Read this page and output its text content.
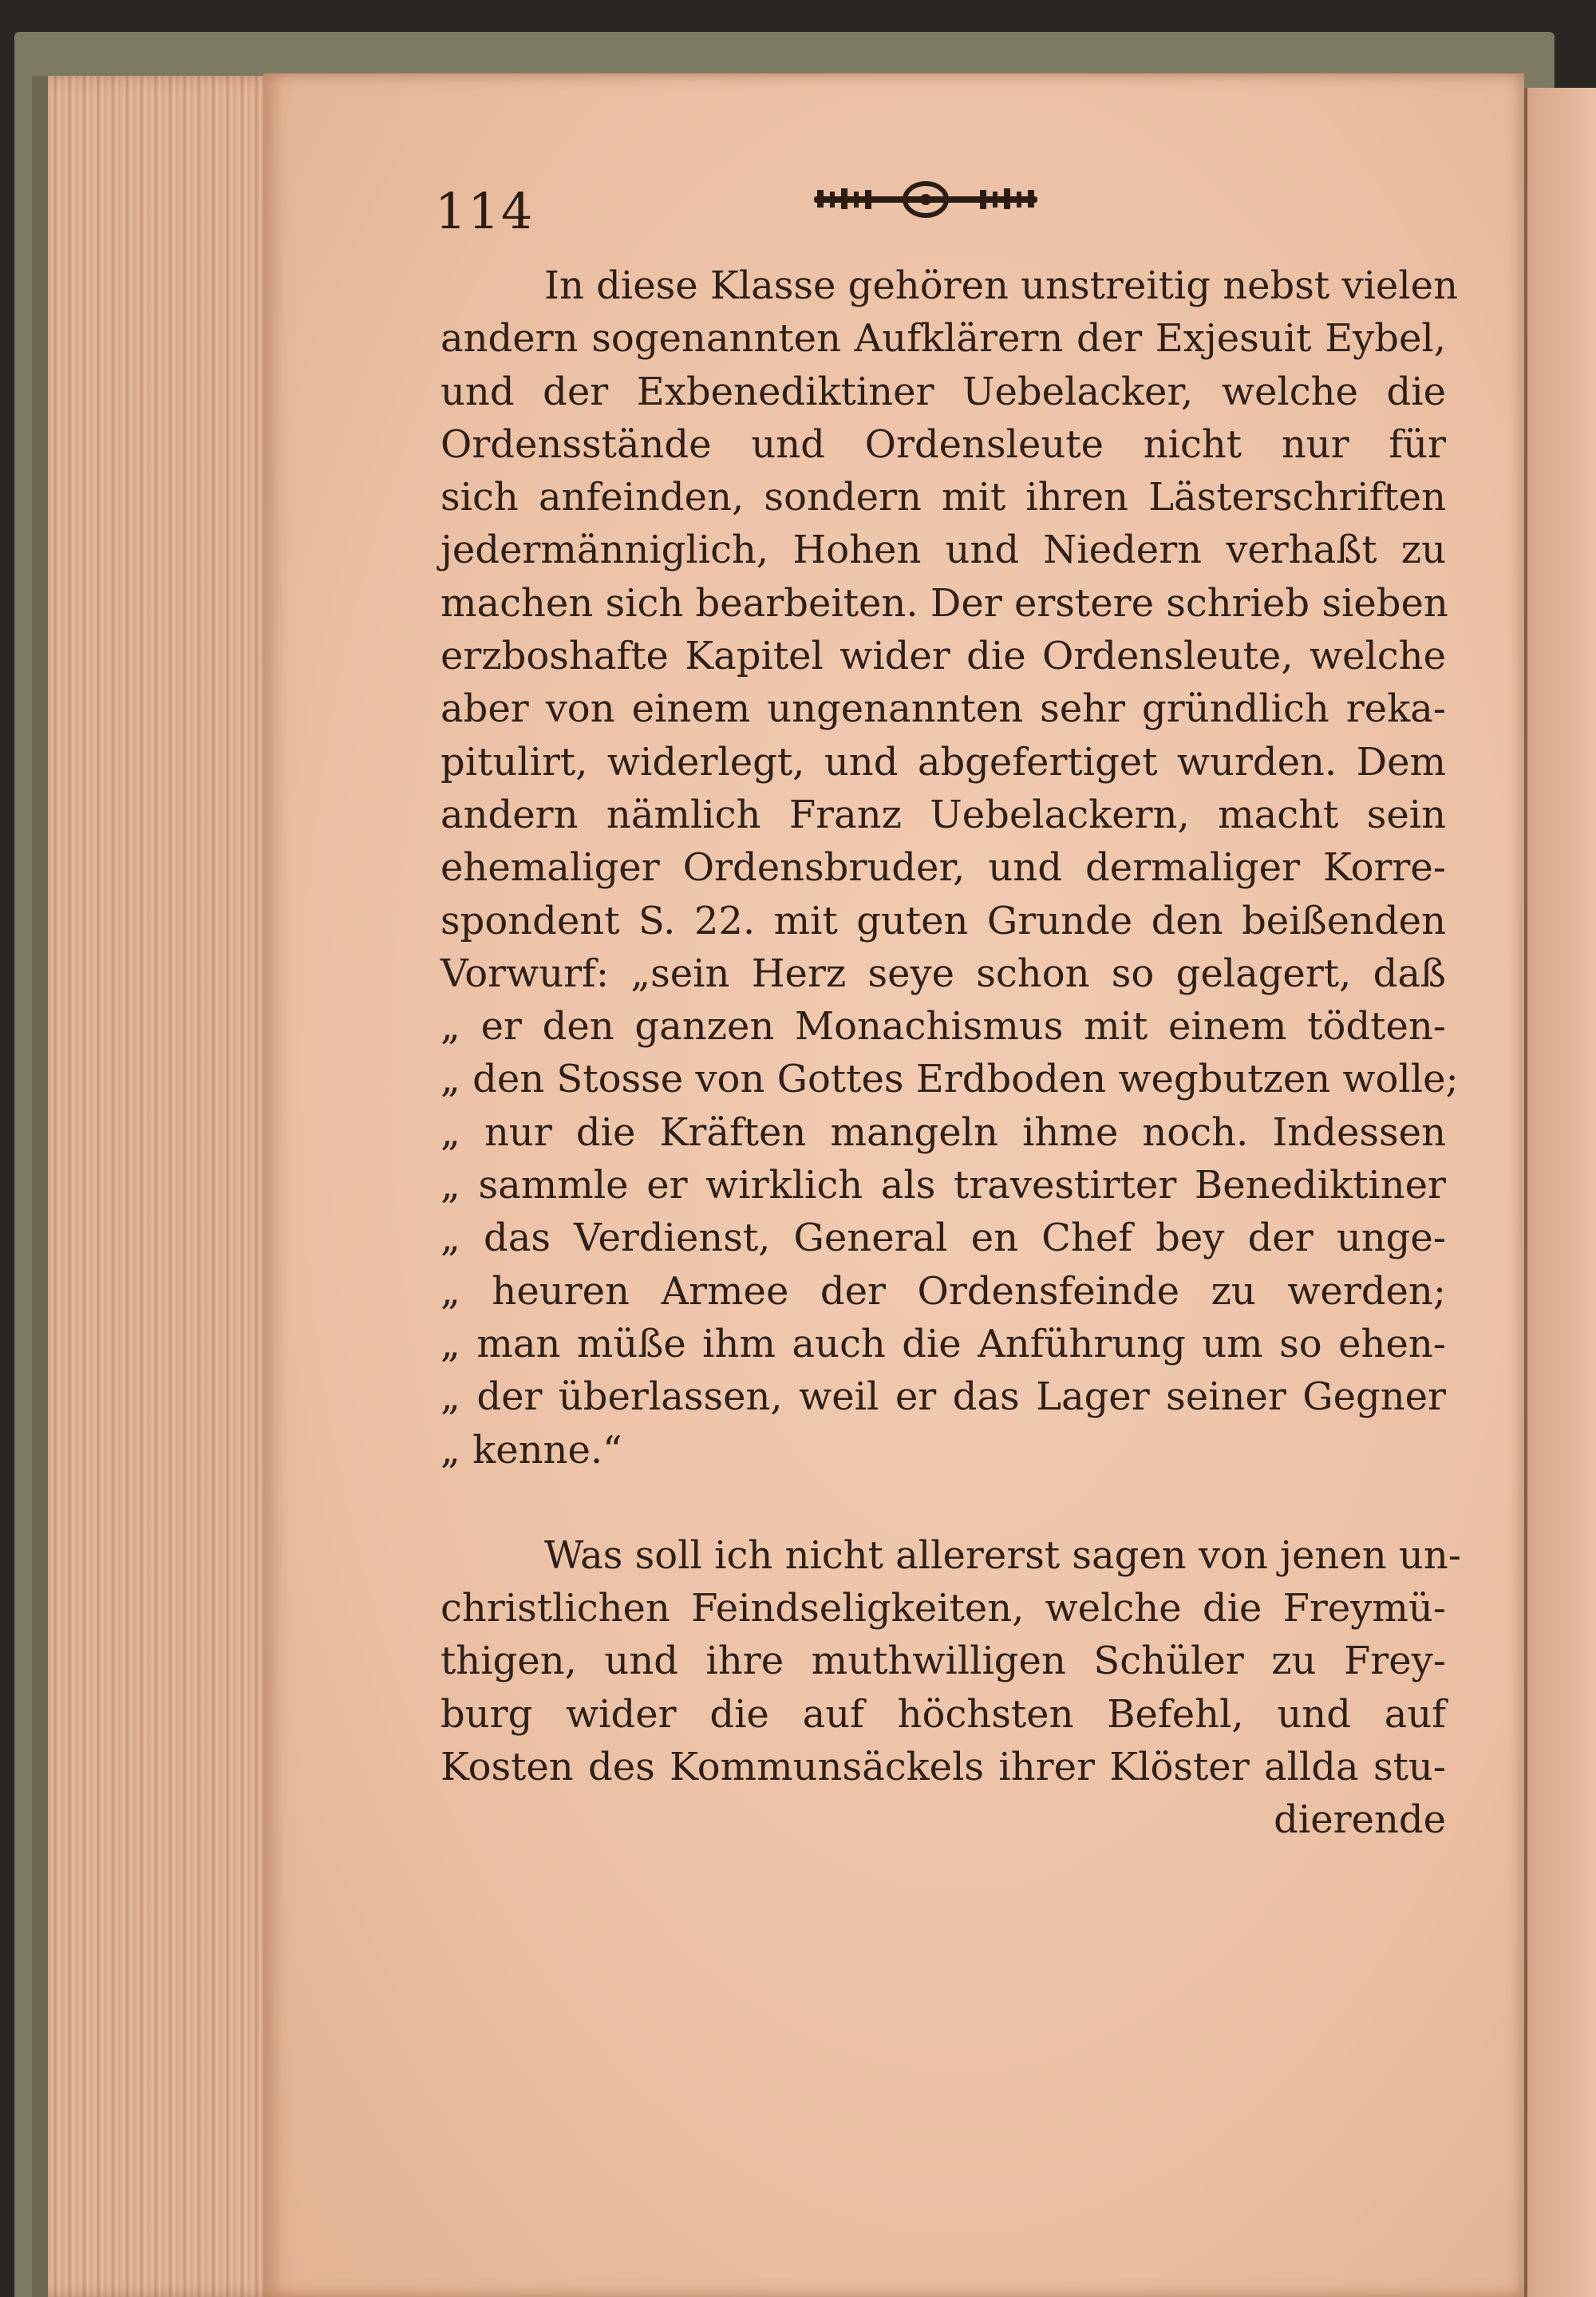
114
In diese Klasse gehören unstreitig nebst vielen
andern sogenannten Aufklärern der Exjesuit Eybel,
und der Exbenediktiner Uebelacker, welche die
Ordensstände und Ordensleute nicht nur für
sich anfeinden, sondern mit ihren Lästerschriften
jedermänniglich, Hohen und Niedern verhaßt zu
machen sich bearbeiten. Der erstere schrieb sieben
erzboshafte Kapitel wider die Ordensleute, welche
aber von einem ungenannten sehr gründlich reka-
pitulirt, widerlegt, und abgefertiget wurden. Dem
andern nämlich Franz Uebelackern, macht sein
ehemaliger Ordensbruder, und dermaliger Korre-
spondent S. 22. mit guten Grunde den beißenden
Vorwurf: „sein Herz seye schon so gelagert, daß
„ er den ganzen Monachismus mit einem tödten-
„ den Stosse von Gottes Erdboden wegbutzen wolle;
„ nur die Kräften mangeln ihme noch. Indessen
„ sammle er wirklich als travestirter Benediktiner
„ das Verdienst, General en Chef bey der unge-
„ heuren Armee der Ordensfeinde zu werden;
„ man müße ihm auch die Anführung um so ehen-
„ der überlassen, weil er das Lager seiner Gegner
„ kenne.“
Was soll ich nicht allererst sagen von jenen un-
christlichen Feindseligkeiten, welche die Freymü-
thigen, und ihre muthwilligen Schüler zu Frey-
burg wider die auf höchsten Befehl, und auf
Kosten des Kommunsäckels ihrer Klöster allda stu-
dierende
